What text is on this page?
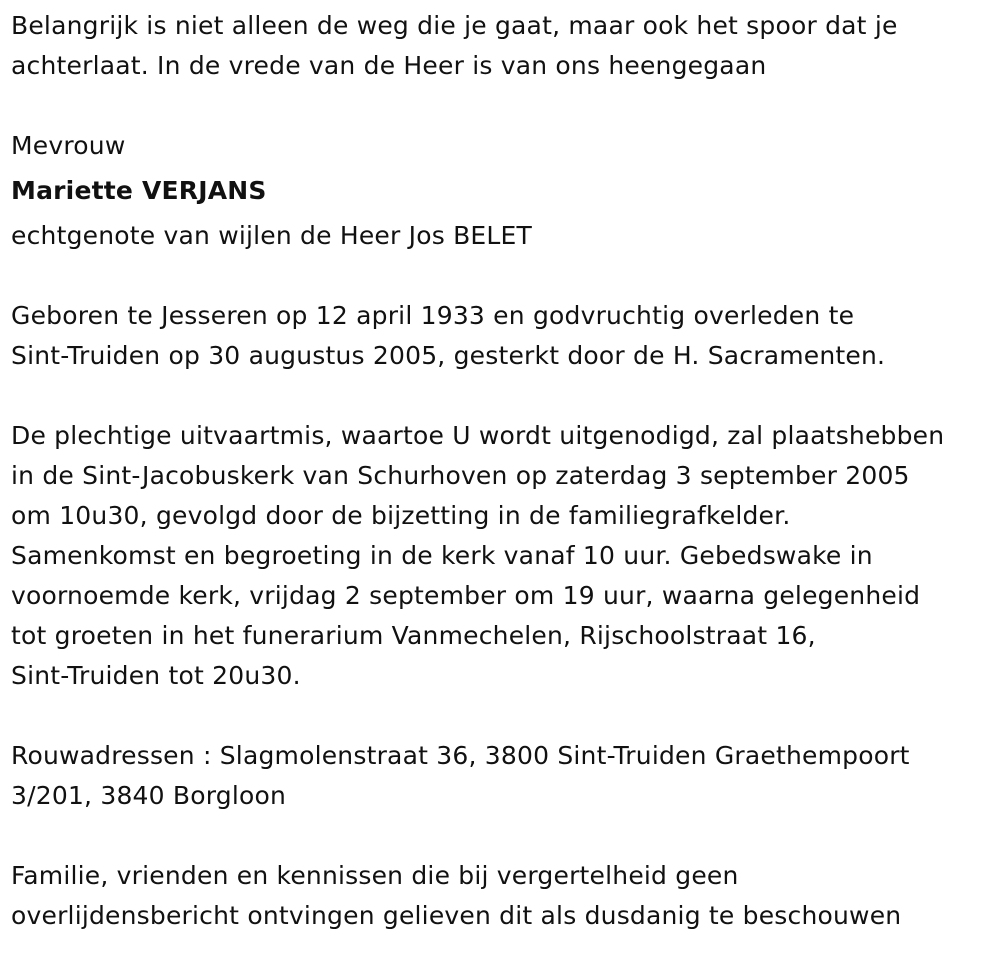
Belangrijk is niet alleen de weg die je gaat, maar ook het spoor dat je
achterlaat. In de vrede van de Heer is van ons heengegaan
Mevrouw
Mariette VERJANS
echtgenote van wijlen de Heer Jos BELET
Geboren te Jesseren op 12 april 1933 en godvruchtig overleden te
Sint-Truiden op 30 augustus 2005, gesterkt door de H. Sacramenten.
De plechtige uitvaartmis, waartoe U wordt uitgenodigd, zal plaatshebben
in de Sint-Jacobuskerk van Schurhoven op zaterdag 3 september 2005
om 10u30, gevolgd door de bijzetting in de familiegrafkelder.
Samenkomst en begroeting in de kerk vanaf 10 uur. Gebedswake in
voornoemde kerk, vrijdag 2 september om 19 uur, waarna gelegenheid
tot groeten in het funerarium Vanmechelen, Rijschoolstraat 16,
Sint-Truiden tot 20u30.
Rouwadressen : Slagmolenstraat 36, 3800 Sint-Truiden Graethempoort
3/201, 3840 Borgloon
Familie, vrienden en kennissen die bij vergertelheid geen
overlijdensbericht ontvingen gelieven dit als dusdanig te beschouwen
